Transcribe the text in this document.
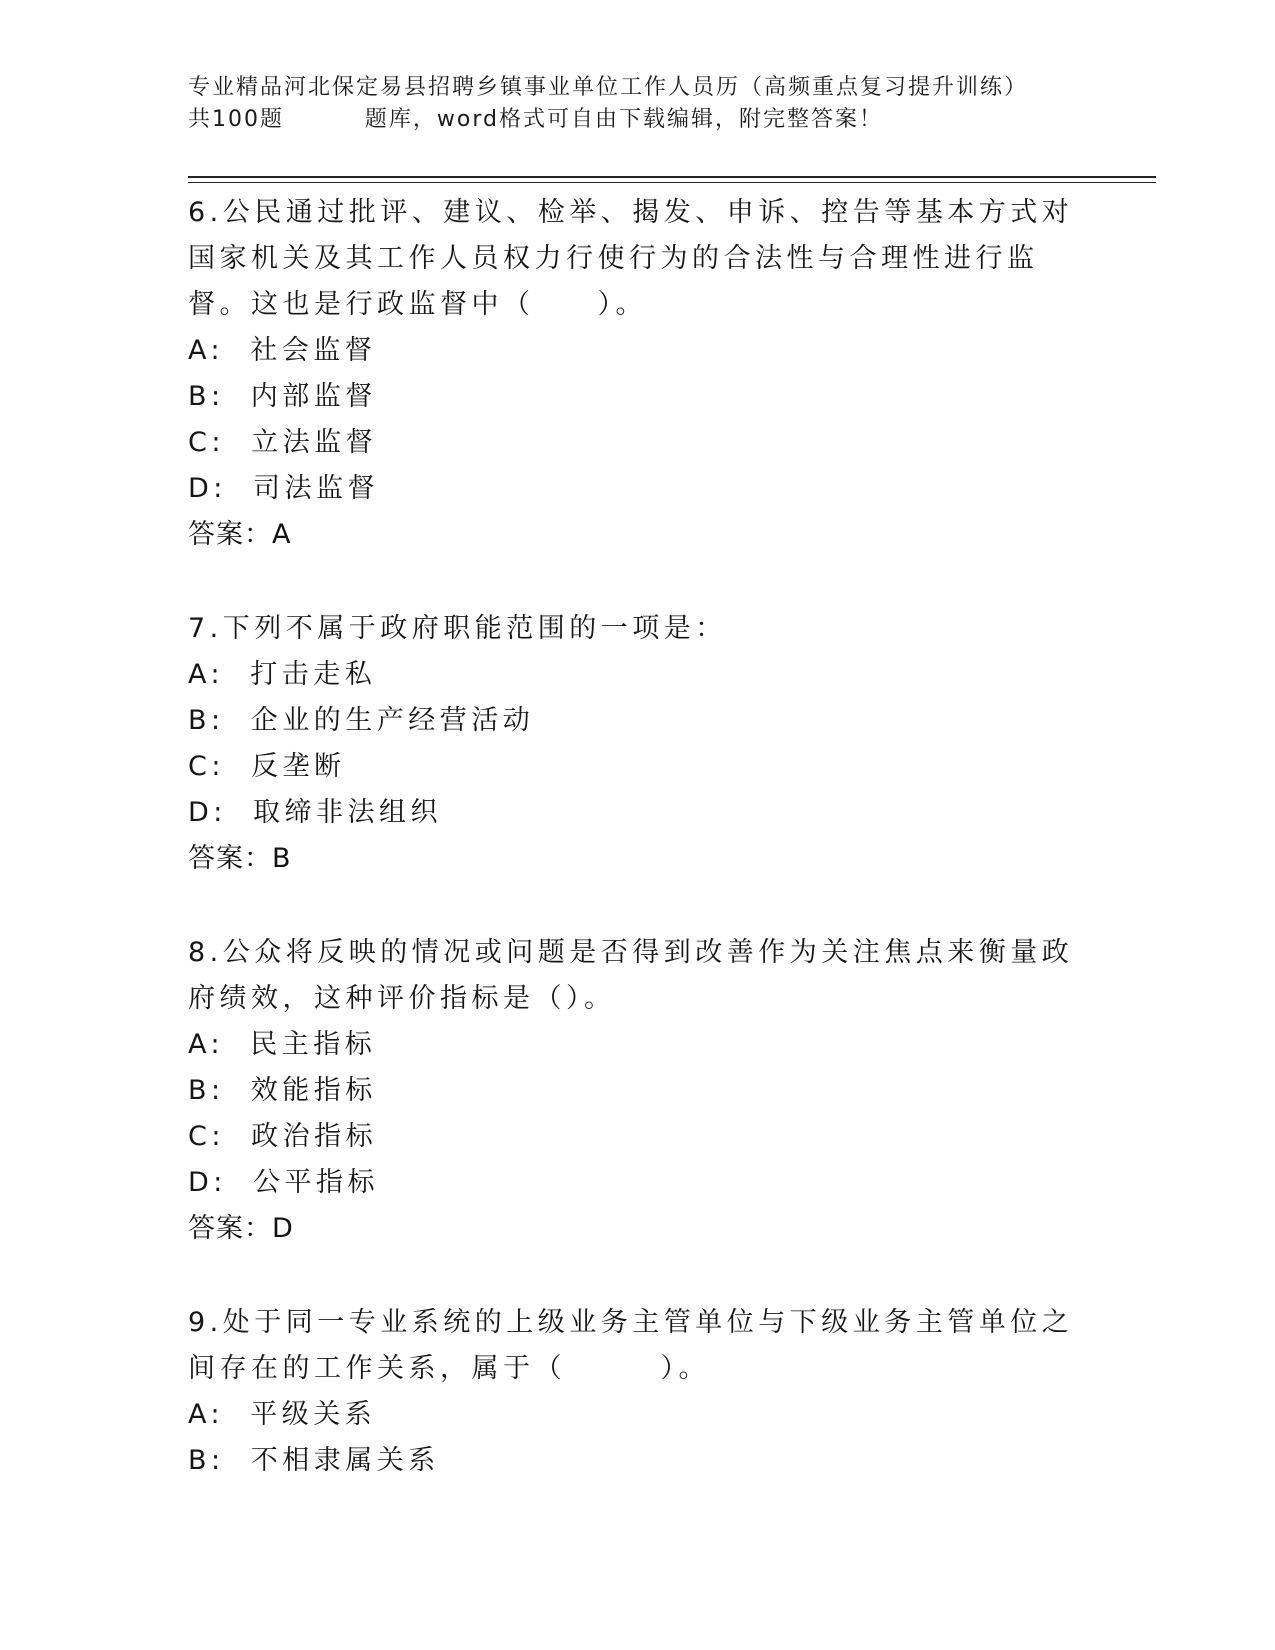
专业精品河北保定易县招聘乡镇事业单位工作人员历（高频重点复习提升训练）
共100题         题库，word格式可自由下载编辑，附完整答案！

6.公民通过批评、建议、检举、揭发、申诉、控告等基本方式对国家机关及其工作人员权力行使行为的合法性与合理性进行监督。这也是行政监督中（　　）。

A:  社会监督
B:  内部监督
C:  立法监督
D:  司法监督
答案：A

7.下列不属于政府职能范围的一项是：

A:  打击走私
B:  企业的生产经营活动
C:  反垄断
D:  取缔非法组织
答案：B

8.公众将反映的情况或问题是否得到改善作为关注焦点来衡量政府绩效，这种评价指标是（）。

A:  民主指标
B:  效能指标
C:  政治指标
D:  公平指标
答案：D

9.处于同一专业系统的上级业务主管单位与下级业务主管单位之间存在的工作关系，属于（　　　）。

A:  平级关系
B:  不相隶属关系
